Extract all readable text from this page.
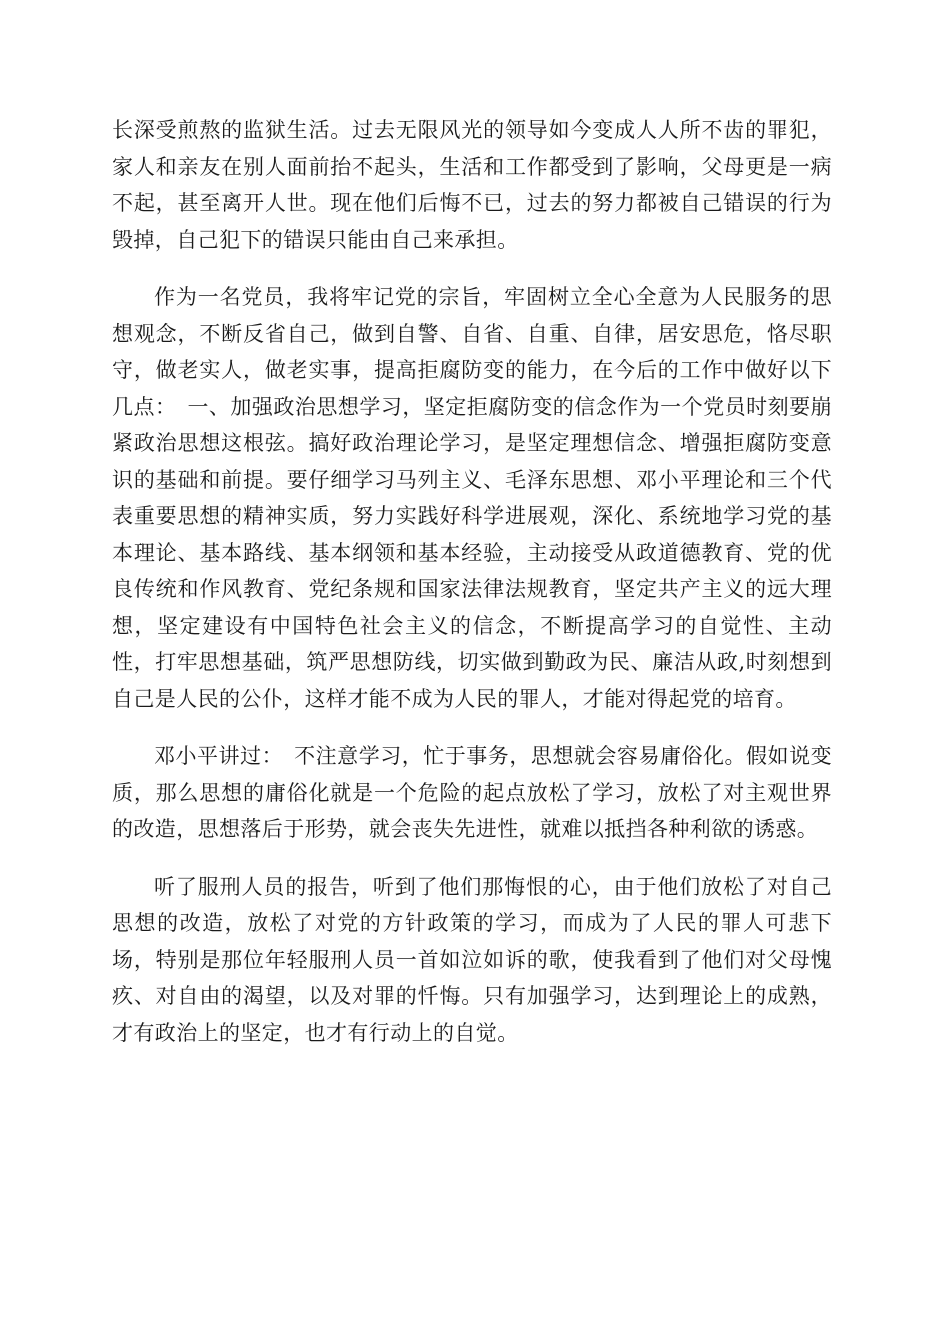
长深受煎熬的监狱生活。过去无限风光的领导如今变成人人所不齿的罪犯，家人和亲友在别人面前抬不起头，生活和工作都受到了影响，父母更是一病不起，甚至离开人世。现在他们后悔不已，过去的努力都被自己错误的行为毁掉，自己犯下的错误只能由自己来承担。

作为一名党员，我将牢记党的宗旨，牢固树立全心全意为人民服务的思想观念，不断反省自己，做到自警、自省、自重、自律，居安思危，恪尽职守，做老实人，做老实事，提高拒腐防变的能力，在今后的工作中做好以下几点：　一、加强政治思想学习，坚定拒腐防变的信念作为一个党员时刻要崩紧政治思想这根弦。搞好政治理论学习，是坚定理想信念、增强拒腐防变意识的基础和前提。要仔细学习马列主义、毛泽东思想、邓小平理论和三个代表重要思想的精神实质，努力实践好科学进展观，深化、系统地学习党的基本理论、基本路线、基本纲领和基本经验，主动接受从政道德教育、党的优良传统和作风教育、党纪条规和国家法律法规教育，坚定共产主义的远大理想，坚定建设有中国特色社会主义的信念，不断提高学习的自觉性、主动性，打牢思想基础，筑严思想防线，切实做到勤政为民、廉洁从政,时刻想到自己是人民的公仆，这样才能不成为人民的罪人，才能对得起党的培育。

邓小平讲过：　不注意学习，忙于事务，思想就会容易庸俗化。假如说变质，那么思想的庸俗化就是一个危险的起点放松了学习，放松了对主观世界的改造，思想落后于形势，就会丧失先进性，就难以抵挡各种利欲的诱惑。

听了服刑人员的报告，听到了他们那悔恨的心，由于他们放松了对自己思想的改造，放松了对党的方针政策的学习，而成为了人民的罪人可悲下场，特别是那位年轻服刑人员一首如泣如诉的歌，使我看到了他们对父母愧疚、对自由的渴望，以及对罪的忏悔。只有加强学习，达到理论上的成熟，才有政治上的坚定，也才有行动上的自觉。
